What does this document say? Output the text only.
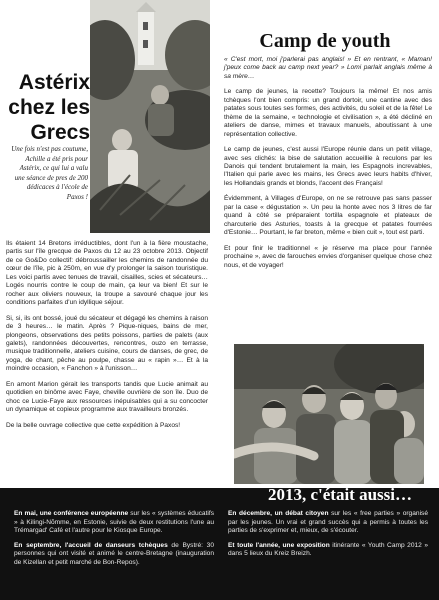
Astérix
chez les
Grecs
Une fois n'est pas coutume, Achille a été pris pour Astérix, ce qui lui a valu une séance de pres de 200 dédicaces à l'école de Paxos !

Ils étaient 14 Bretons irréductibles, dont l'un à la fière moustache, partis sur l'île grecque de Paxos du 12 au 23 octobre 2013. Objectif de ce Go&Do collectif: débroussailler les chemins de randonnée du cœur de l'île, pic à 250m, en vue d'y prolonger la saison touristique. Les voici partis avec tenues de travail, cisailles, scies et sécateurs… Logés nourris contre le coup de main, ça leur va bien! Et sur le rocher aux oliviers nouveux, la troupe a savouré chaque jour les conditions parfaites d'un idyllique séjour.

Si, si, ils ont bossé, joué du sécateur et dégagé les chemins à raison de 3 heures… le matin. Après ? Pique-niques, bains de mer, plongeons, observations des petits poissons, parties de palets (aux galets), randonnées découvertes, rencontres, ouzo en terrasse, musique traditionnelle, ateliers cuisine, cours de danses, de grec, de yoga, de chant, pêche au poulpe, chasse au « rapin »… Et à la moindre occasion, « Fanchon » à l'unisson…

En amont Marion gérait les transports tandis que Lucie animait au quotidien en binôme avec Faye, cheville ouvrière de son île. Duo de choc ce Lucie-Faye aux ressources inépuisables qui a su concocter un dynamique et copieux programme aux travailleurs bronzés.

De la belle ouvrage collective que cette expédition à Paxos!

Camp de youth

« C'est mort, moi j'parlerai pas anglais! » Et en rentrant, « Maman! j'peux come back au camp next year? » Lomi parlait anglais même à sa mère…

Le camp de jeunes, la recette? Toujours la même! Et nos amis tchèques l'ont bien compris: un grand dortoir, une cantine avec des patates sous toutes ses formes, des activités, du soleil et de la fête! Le thème de la semaine, « technologie et civilisation », a été décliné en ateliers de danse, mimes et travaux manuels, aboutissant à une représentation collective.

Le camp de jeunes, c'est aussi l'Europe réunie dans un petit village, avec ses clichés: la bise de salutation accueillie à reculons par les Danois qui tendent brutalement la main, les Espagnols increvables, l'Italien qui parle avec les mains, les Grecs avec leurs habits d'hiver, les Hollandais grands et blonds, l'accent des Français!

Évidemment, à Villages d'Europe, on ne se retrouve pas sans passer par la case « dégustation ». Un peu la honte avec nos 3 litres de far quand à côté se préparaient tortilla espagnole et plateaux de charcuterie des Asturies, toasts à la grecque et patates fourrées d'Estonie… Pourtant, le far breton, même « bien cuit », tout est parti.

Et pour finir le traditionnel « je réserve ma place pour l'année prochaine », avec de farouches envies d'organiser quelque chose chez nous, et de voyager!

2013, c'était aussi…

En mai, une conférence européenne sur les « systèmes éducatifs » à Kilingi-Nõmme, en Estonie, suivie de deux restitutions l'une au Trémargad' Café et l'autre pour le Kiosque Europe.

En septembre, l'accueil de danseurs tchèques de Bystré: 30 personnes qui ont visité et animé le centre-Bretagne (inauguration de Kizellan et petit marché de Bon-Repos).

En décembre, un débat citoyen sur les « free parties » organisé par les jeunes. Un vrai et grand succès qui a permis à toutes les parties de s'exprimer et, mieux, de s'écouter.

Et toute l'année, une exposition itinérante « Youth Camp 2012 » dans 5 lieux du Kreiz Breizh.
